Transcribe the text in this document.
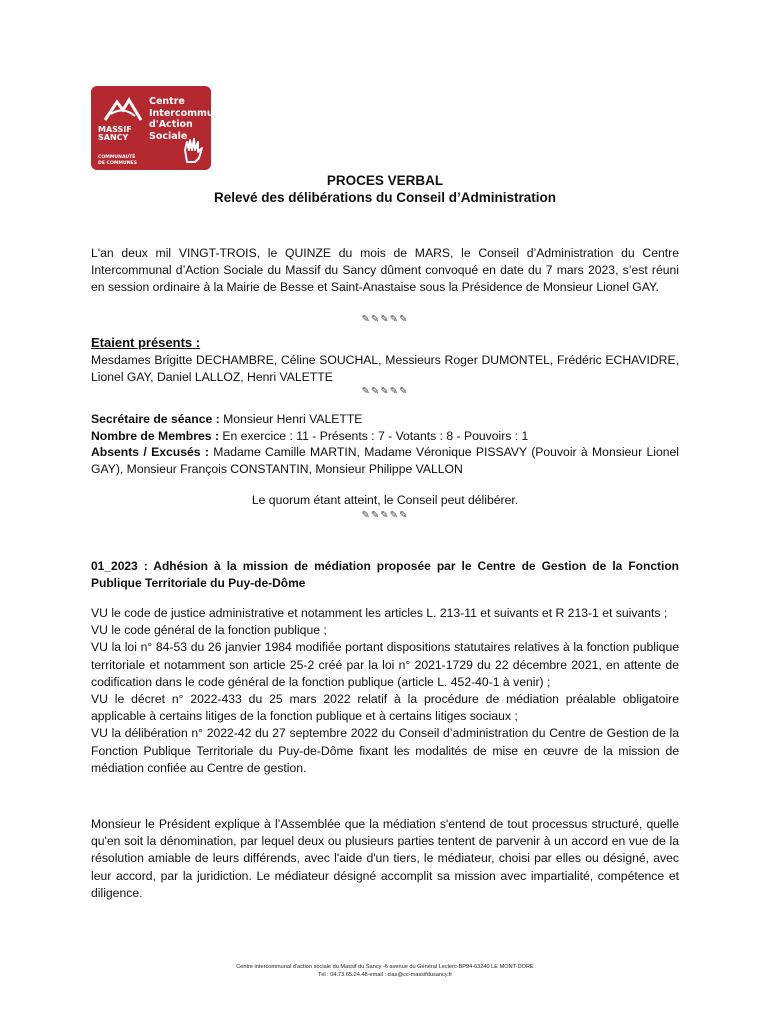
Centre
Intercommunal
d'Action
Sociale
MASSIF
SANCY
COMMUNAUTÉ
DE COMMUNES
PROCES VERBAL
Relevé des délibérations du Conseil d’Administration
L'an deux mil VINGT-TROIS, le QUINZE du mois de MARS, le Conseil d’Administration du Centre Intercommunal d’Action Sociale du Massif du Sancy dûment convoqué en date du 7 mars 2023, s’est réuni en session ordinaire à la Mairie de Besse et Saint-Anastaise sous la Présidence de Monsieur Lionel GAY.
✎✎✎✎✎
Etaient présents :
Mesdames Brigitte DECHAMBRE, Céline SOUCHAL, Messieurs Roger DUMONTEL, Frédéric ECHAVIDRE, Lionel GAY, Daniel LALLOZ, Henri VALETTE
✎✎✎✎✎
Secrétaire de séance : Monsieur Henri VALETTE
Nombre de Membres : En exercice : 11 - Présents : 7 - Votants : 8 - Pouvoirs : 1
Absents / Excusés : Madame Camille MARTIN, Madame Véronique PISSAVY (Pouvoir à Monsieur Lionel GAY), Monsieur François CONSTANTIN, Monsieur Philippe VALLON
Le quorum étant atteint, le Conseil peut délibérer.
✎✎✎✎✎
01_2023 : Adhésion à la mission de médiation proposée par le Centre de Gestion de la Fonction Publique Territoriale du Puy-de-Dôme
VU le code de justice administrative et notamment les articles L. 213-11 et suivants et R 213-1 et suivants ;
VU le code général de la fonction publique ;
VU la loi n° 84-53 du 26 janvier 1984 modifiée portant dispositions statutaires relatives à la fonction publique territoriale et notamment son article 25-2 créé par la loi n° 2021-1729 du 22 décembre 2021, en attente de codification dans le code général de la fonction publique (article L. 452-40-1 à venir) ;
VU le décret n° 2022-433 du 25 mars 2022 relatif à la procédure de médiation préalable obligatoire applicable à certains litiges de la fonction publique et à certains litiges sociaux ;
VU la délibération n° 2022-42 du 27 septembre 2022 du Conseil d’administration du Centre de Gestion de la Fonction Publique Territoriale du Puy-de-Dôme fixant les modalités de mise en œuvre de la mission de médiation confiée au Centre de gestion.
Monsieur le Président explique à l’Assemblée que la médiation s'entend de tout processus structuré, quelle qu'en soit la dénomination, par lequel deux ou plusieurs parties tentent de parvenir à un accord en vue de la résolution amiable de leurs différends, avec l'aide d'un tiers, le médiateur, choisi par elles ou désigné, avec leur accord, par la juridiction. Le médiateur désigné accomplit sa mission avec impartialité, compétence et diligence.
Centre intercommunal d’action sociale du Massif du Sancy -6 avenue du Général Leclerc-BP94-63240 LE MONT-DORE
Tél : 04.73.65.24.48-email : cias@cc-massifdusancy.fr
